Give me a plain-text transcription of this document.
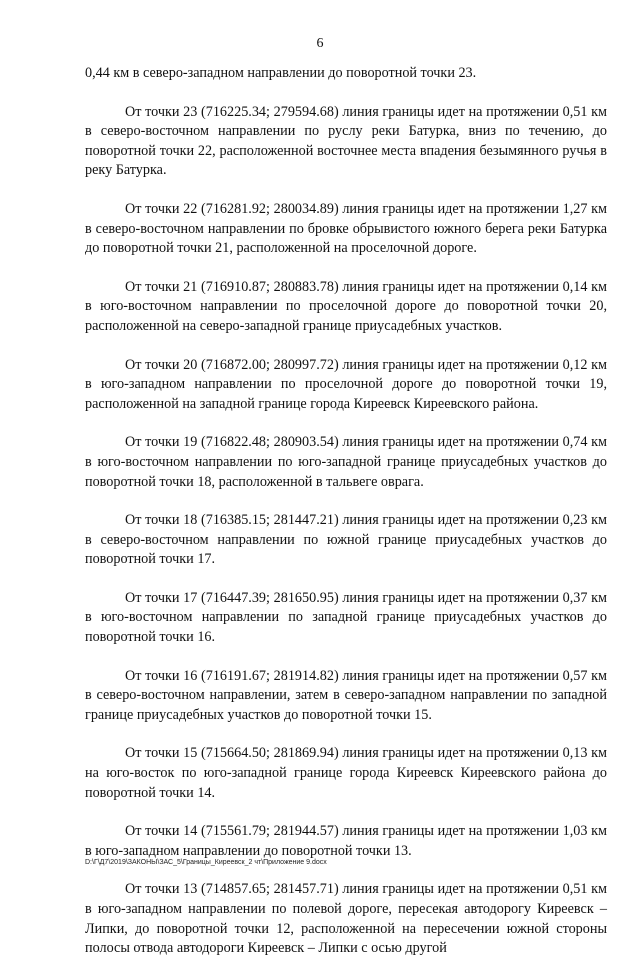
6

0,44 км в северо-западном направлении до поворотной точки 23.

От точки 23 (716225.34; 279594.68) линия границы идет на протяжении 0,51 км в северо-восточном направлении по руслу реки Батурка, вниз по течению, до поворотной точки 22, расположенной восточнее места впадения безымянного ручья в реку Батурка.

От точки 22 (716281.92; 280034.89) линия границы идет на протяжении 1,27 км в северо-восточном направлении по бровке обрывистого южного берега реки Батурка до поворотной точки 21, расположенной на проселочной дороге.

От точки 21 (716910.87; 280883.78) линия границы идет на протяжении 0,14 км в юго-восточном направлении по проселочной дороге до поворотной точки 20, расположенной на северо-западной границе приусадебных участков.

От точки 20 (716872.00; 280997.72) линия границы идет на протяжении 0,12 км в юго-западном направлении по проселочной дороге до поворотной точки 19, расположенной на западной границе города Киреевск Киреевского района.

От точки 19 (716822.48; 280903.54) линия границы идет на протяжении 0,74 км в юго-восточном направлении по юго-западной границе приусадебных участков до поворотной точки 18, расположенной в тальвеге оврага.

От точки 18 (716385.15; 281447.21) линия границы идет на протяжении 0,23 км в северо-восточном направлении по южной границе приусадебных участков до поворотной точки 17.

От точки 17 (716447.39; 281650.95) линия границы идет на протяжении 0,37 км в юго-восточном направлении по западной границе приусадебных участков до поворотной точки 16.

От точки 16 (716191.67; 281914.82) линия границы идет на протяжении 0,57 км в северо-восточном направлении, затем в северо-западном направлении по западной границе приусадебных участков до поворотной точки 15.

От точки 15 (715664.50; 281869.94) линия границы идет на протяжении 0,13 км на юго-восток по юго-западной границе города Киреевск Киреевского района до поворотной точки 14.

От точки 14 (715561.79; 281944.57) линия границы идет на протяжении 1,03 км в юго-западном направлении до поворотной точки 13.

От точки 13 (714857.65; 281457.71) линия границы идет на протяжении 0,51 км в юго-западном направлении по полевой дороге, пересекая автодорогу Киреевск – Липки, до поворотной точки 12, расположенной на пересечении южной стороны полосы отвода автодороги Киреевск – Липки с осью другой

D:\Г\Д7\2019\ЗАКОНЫ\ЗАС_5\Границы_Киреевск_2 чт\Приложение 9.docx
